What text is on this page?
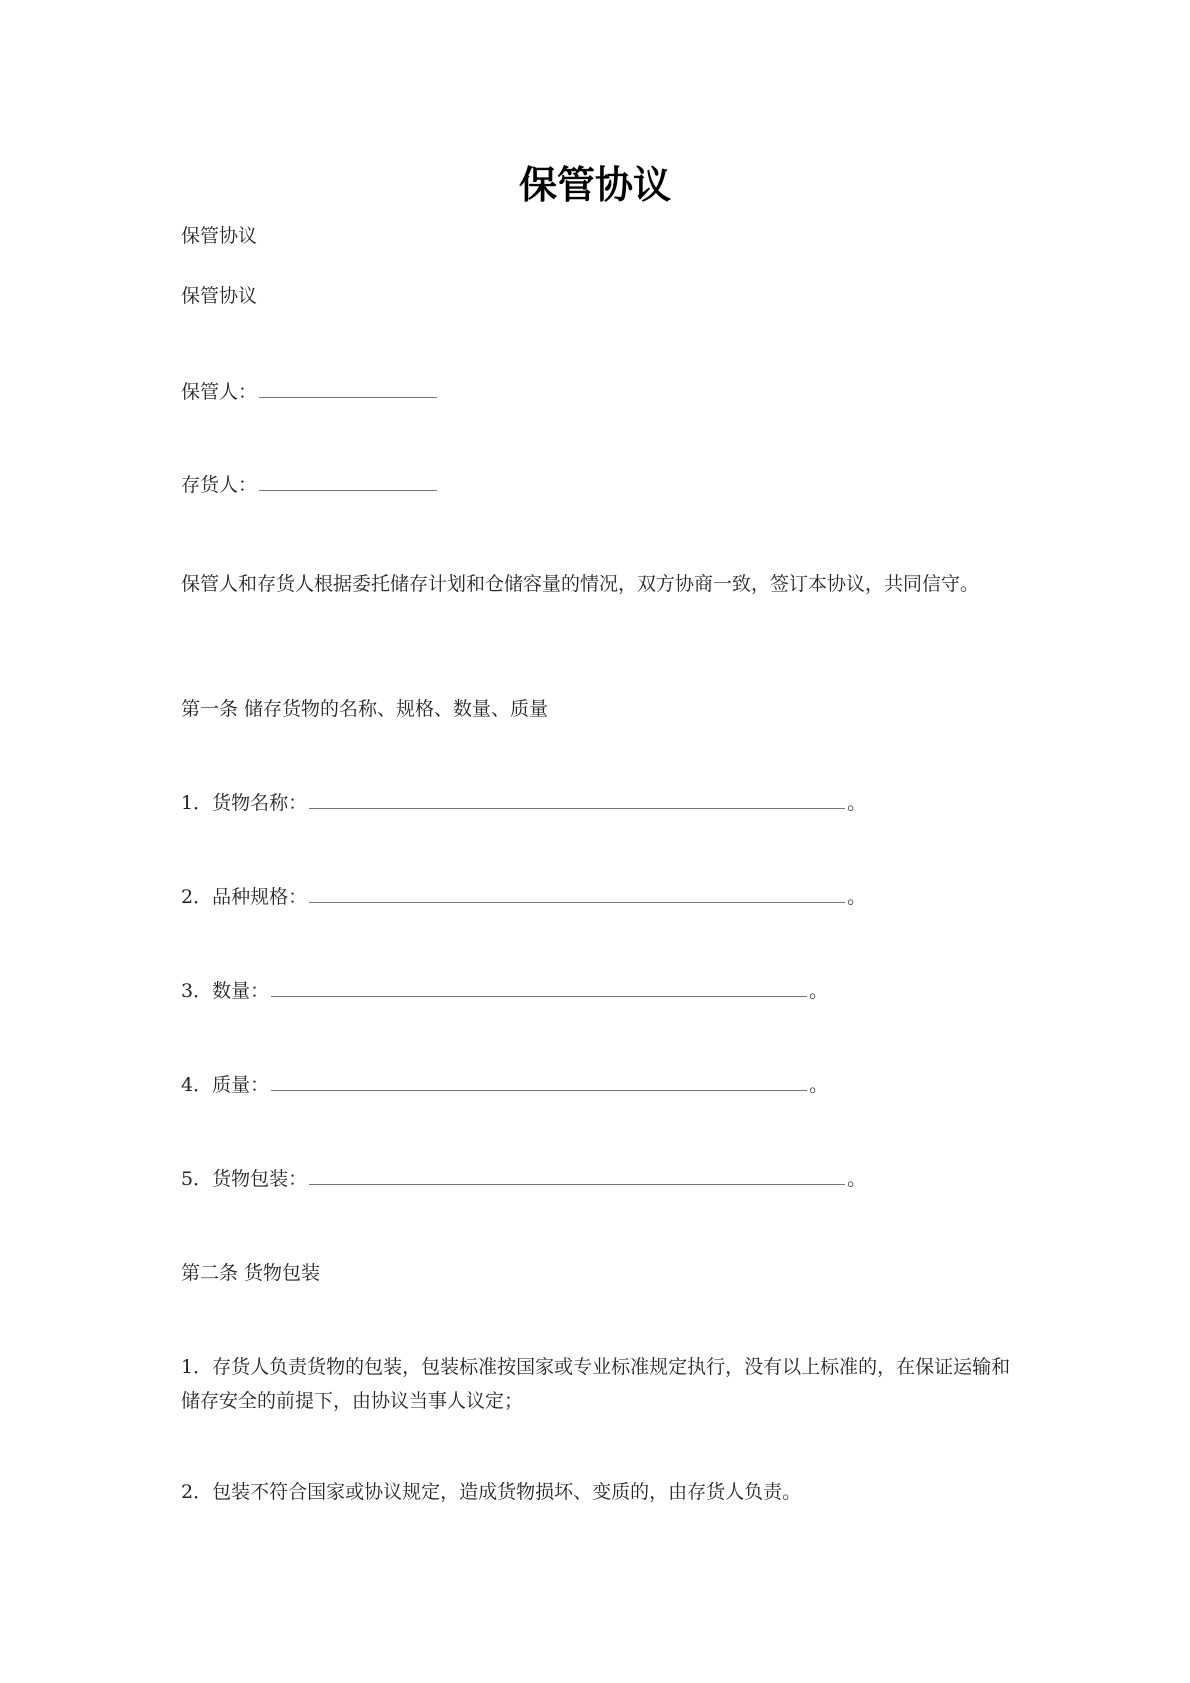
保管协议
保管协议
保管协议
保管人：
存货人：
保管人和存货人根据委托储存计划和仓储容量的情况，双方协商一致，签订本协议，共同信守。
第一条 储存货物的名称、规格、数量、质量
1．货物名称：	。
2．品种规格：	。
3．数量：	。
4．质量：	。
5．货物包装：	。
第二条 货物包装
1．存货人负责货物的包装，包装标准按国家或专业标准规定执行，没有以上标准的，在保证运输和储存安全的前提下，由协议当事人议定；
2．包装不符合国家或协议规定，造成货物损坏、变质的，由存货人负责。
